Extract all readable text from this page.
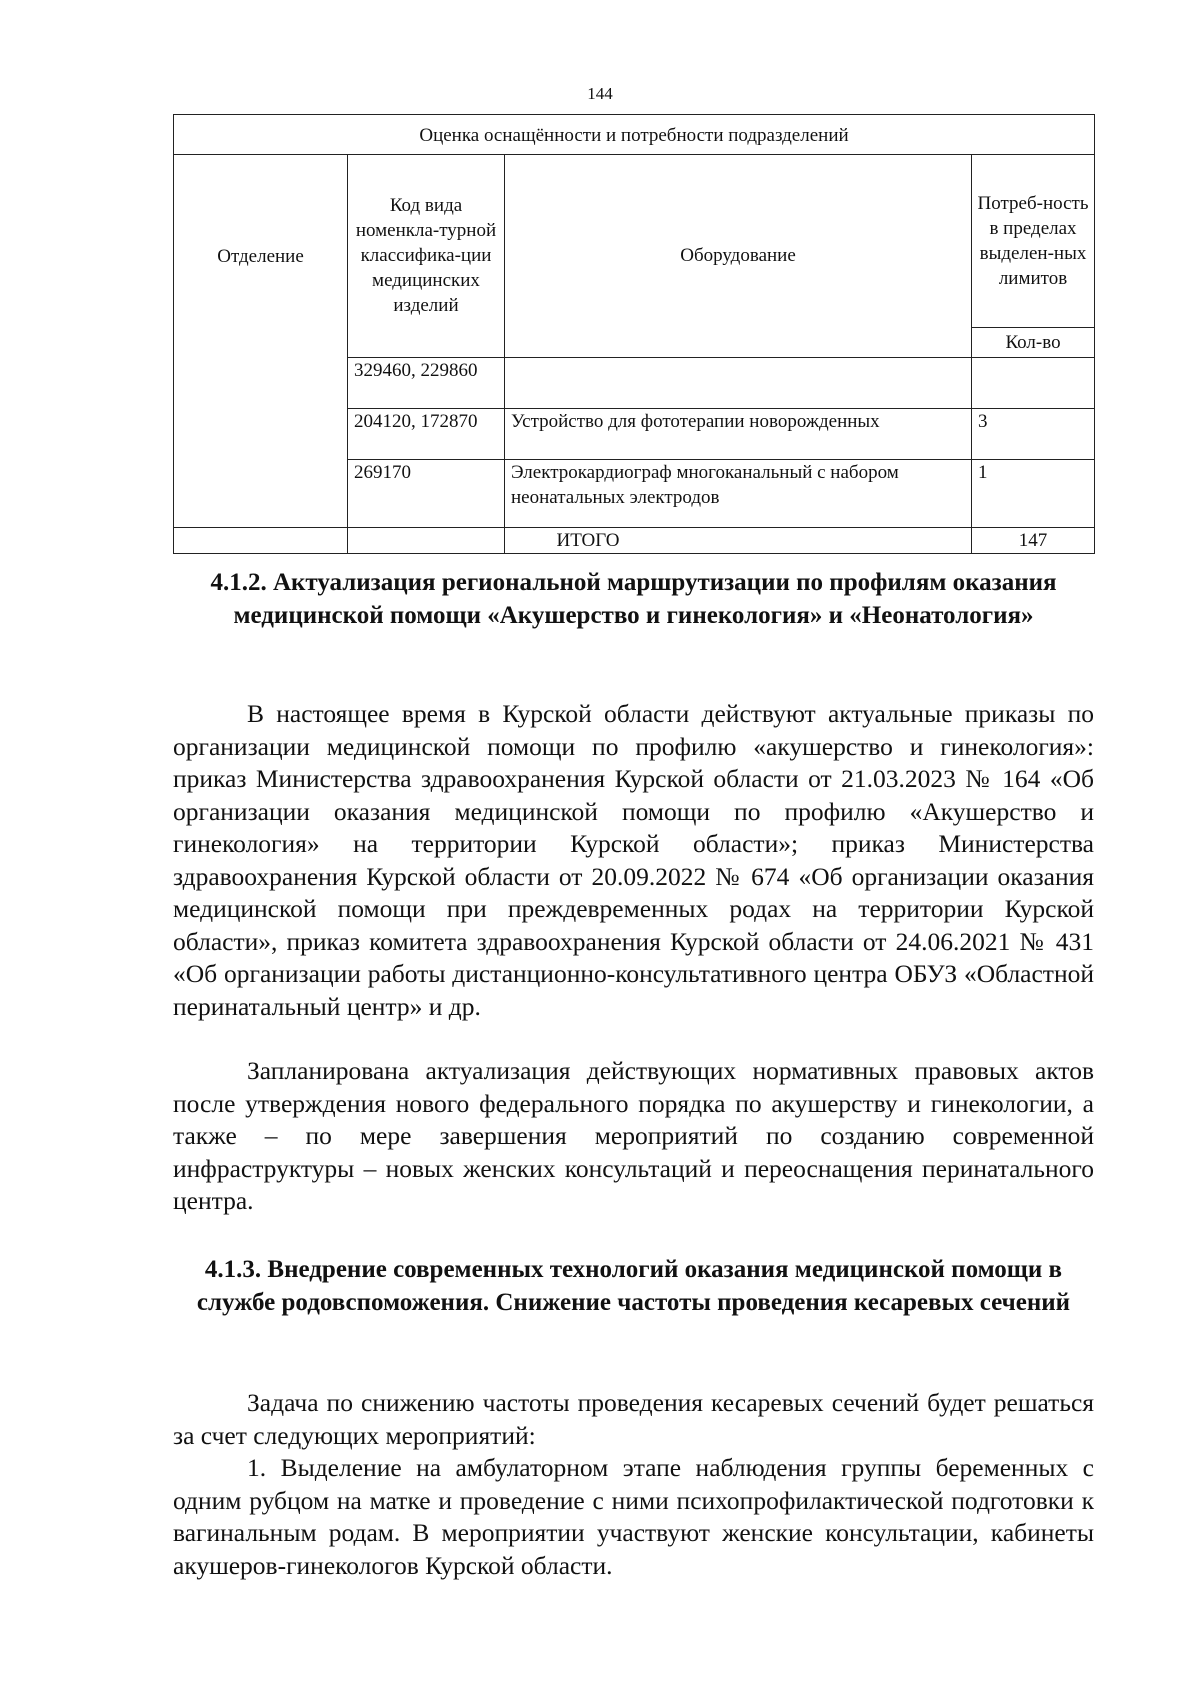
144
Оценка оснащённости и потребности подразделений			
Отделение	Код вида номенкла-турной классифика-ции медицинских изделий	Оборудование	Потреб-ность в пределах выделен-ных лимитов
			Кол-во
	329460, 229860		
	204120, 172870	Устройство для фототерапии новорожденных	3
	269170	Электрокардиограф многоканальный с набором неонатальных электродов	1
		ИТОГО	147
4.1.2. Актуализация региональной маршрутизации по профилям оказания медицинской помощи «Акушерство и гинекология» и «Неонатология»
В настоящее время в Курской области действуют актуальные приказы по организации медицинской помощи по профилю «акушерство и гинекология»: приказ Министерства здравоохранения Курской области от 21.03.2023 № 164 «Об организации оказания медицинской помощи по профилю «Акушерство и гинекология» на территории Курской области»; приказ Министерства здравоохранения Курской области от 20.09.2022 № 674 «Об организации оказания медицинской помощи при преждевременных родах на территории Курской области», приказ комитета здравоохранения Курской области от 24.06.2021 № 431 «Об организации работы дистанционно-консультативного центра ОБУЗ «Областной перинатальный центр» и др.
Запланирована актуализация действующих нормативных правовых актов после утверждения нового федерального порядка по акушерству и гинекологии, а также – по мере завершения мероприятий по созданию современной инфраструктуры – новых женских консультаций и переоснащения перинатального центра.
4.1.3. Внедрение современных технологий оказания медицинской помощи в службе родовспоможения. Снижение частоты проведения кесаревых сечений
Задача по снижению частоты проведения кесаревых сечений будет решаться за счет следующих мероприятий:
1. Выделение на амбулаторном этапе наблюдения группы беременных с одним рубцом на матке и проведение с ними психопрофилактической подготовки к вагинальным родам. В мероприятии участвуют женские консультации, кабинеты акушеров-гинекологов Курской области.
